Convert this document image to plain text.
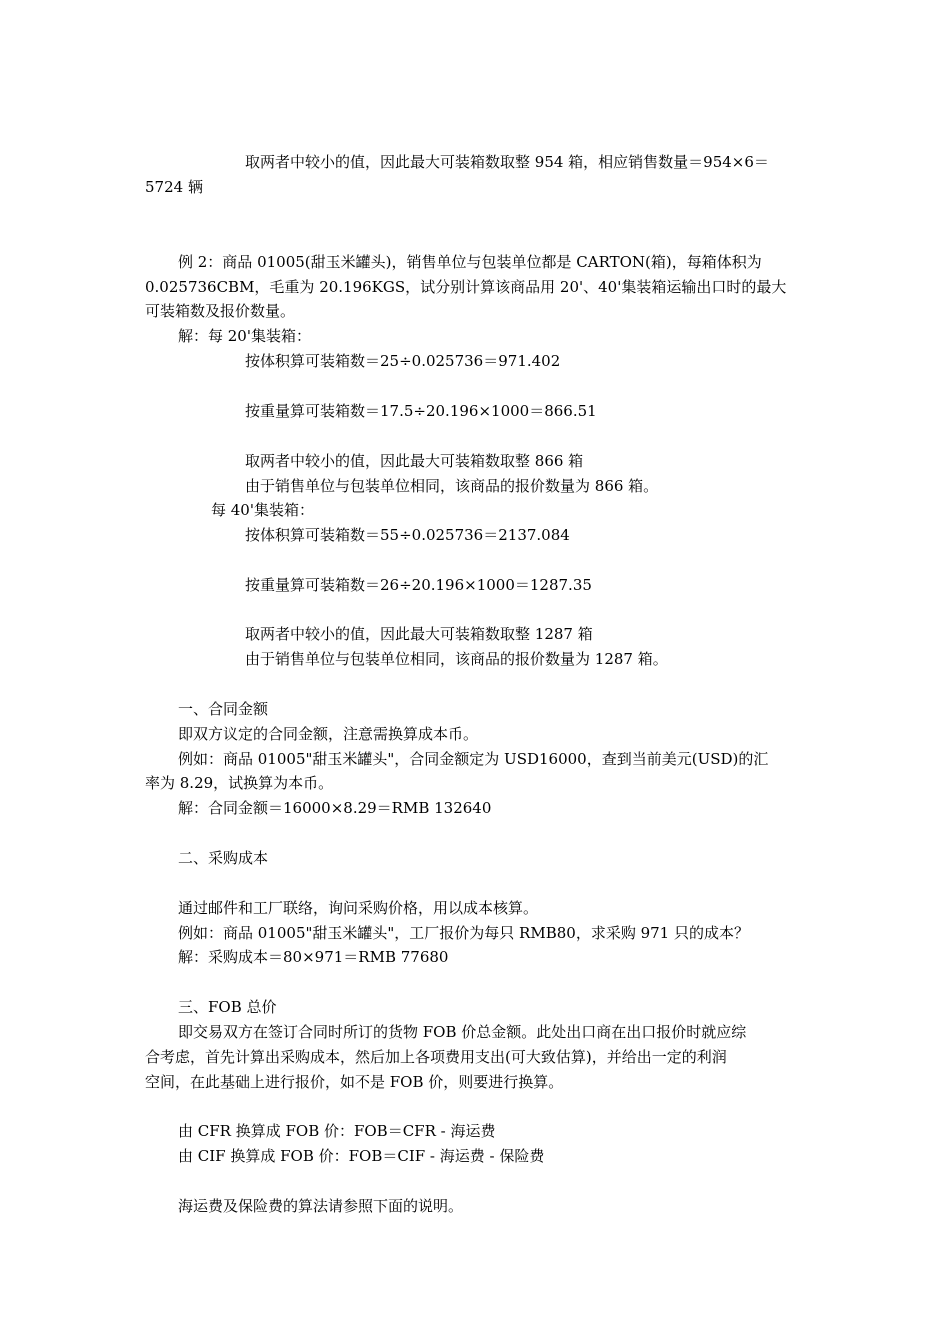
取两者中较小的值，因此最大可装箱数取整 954 箱，相应销售数量＝954×6＝
5724 辆
例 2：商品 01005(甜玉米罐头)，销售单位与包装单位都是 CARTON(箱)，每箱体积为
0.025736CBM，毛重为 20.196KGS，试分别计算该商品用 20'、40'集装箱运输出口时的最大
可装箱数及报价数量。
解：每 20'集装箱：
按体积算可装箱数＝25÷0.025736＝971.402
按重量算可装箱数＝17.5÷20.196×1000＝866.51
取两者中较小的值，因此最大可装箱数取整 866 箱
由于销售单位与包装单位相同，该商品的报价数量为 866 箱。
每 40'集装箱：
按体积算可装箱数＝55÷0.025736＝2137.084
按重量算可装箱数＝26÷20.196×1000＝1287.35
取两者中较小的值，因此最大可装箱数取整 1287 箱
由于销售单位与包装单位相同，该商品的报价数量为 1287 箱。
一、合同金额
即双方议定的合同金额，注意需换算成本币。
例如：商品 01005"甜玉米罐头"，合同金额定为 USD16000，查到当前美元(USD)的汇
率为 8.29，试换算为本币。
解：合同金额＝16000×8.29＝RMB 132640
二、采购成本
通过邮件和工厂联络，询问采购价格，用以成本核算。
例如：商品 01005"甜玉米罐头"，工厂报价为每只 RMB80，求采购 971 只的成本？
解：采购成本＝80×971＝RMB 77680
三、FOB 总价
即交易双方在签订合同时所订的货物 FOB 价总金额。此处出口商在出口报价时就应综
合考虑，首先计算出采购成本，然后加上各项费用支出(可大致估算)，并给出一定的利润
空间，在此基础上进行报价，如不是 FOB 价，则要进行换算。
由 CFR 换算成 FOB 价：FOB＝CFR - 海运费
由 CIF 换算成 FOB 价：FOB＝CIF - 海运费 - 保险费
海运费及保险费的算法请参照下面的说明。
